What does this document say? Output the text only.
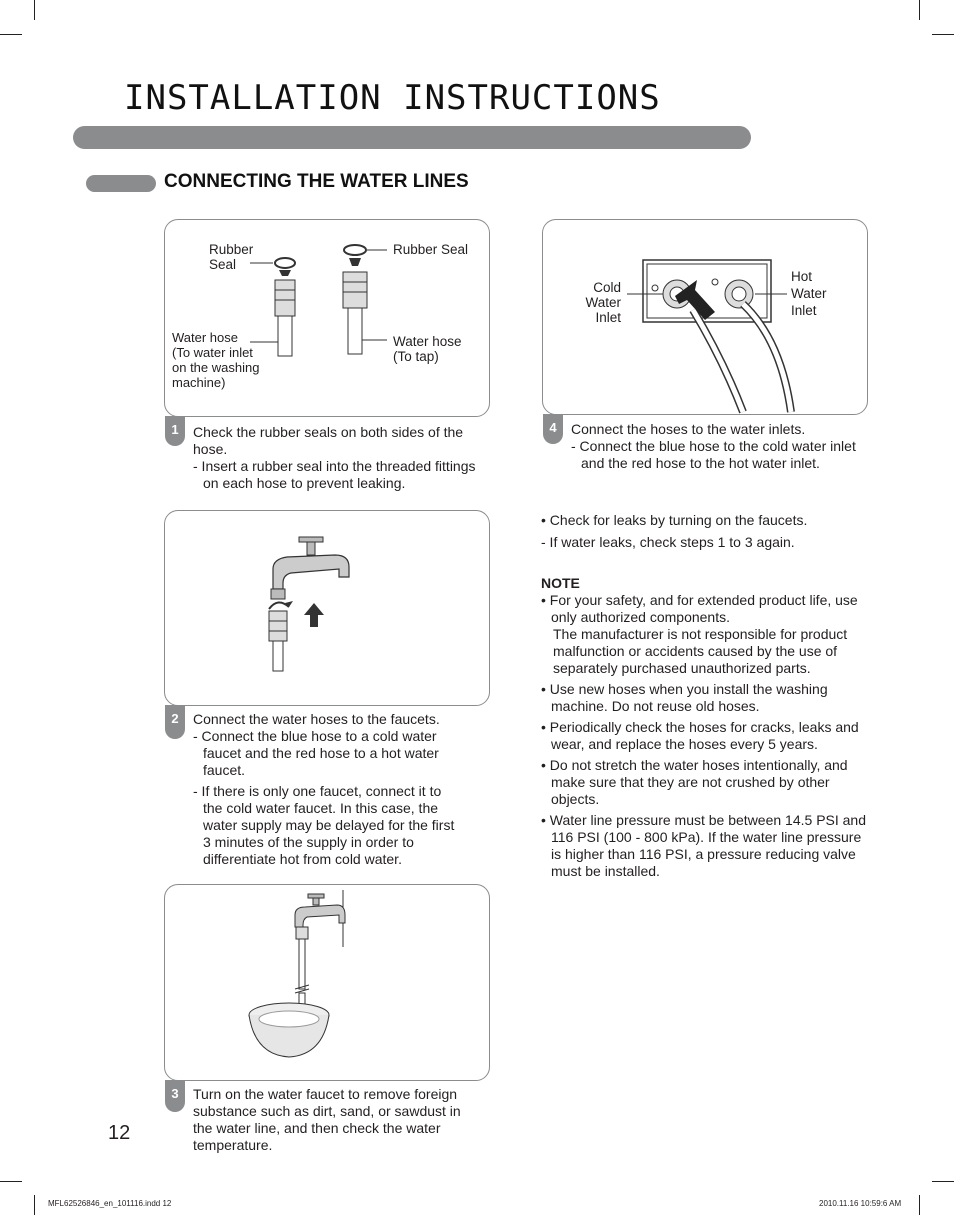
INSTALLATION INSTRUCTIONS
CONNECTING THE WATER LINES
Rubber
Seal
Rubber Seal
Water hose
(To water inlet
on the washing
machine)
Water hose
(To tap)
1	Check the rubber seals on both sides of the hose.

- Insert a rubber seal into the threaded fittings on each hose to prevent leaking.

2	Connect the water hoses to the faucets.

- Connect the blue hose to a cold water faucet and the red hose to a hot water faucet.

- If there is only one faucet, connect it to the cold water faucet. In this case, the water supply may be delayed for the first 3 minutes of the supply in order to differentiate hot from cold water.

3	Turn on the water faucet to remove foreign substance such as dirt, sand, or sawdust in the water line, and then check the water temperature.

Cold
Water
Inlet
Hot
Water
Inlet
4	Connect the hoses to the water inlets.

- Connect the blue hose to the cold water inlet and the red hose to the hot water inlet.

• Check for leaks by turning on the faucets.

- If water leaks, check steps 1 to 3 again.

NOTE

• For your safety, and for extended product life, use only authorized components.

The manufacturer is not responsible for product malfunction or accidents caused by the use of separately purchased unauthorized parts.

• Use new hoses when you install the washing machine. Do not reuse old hoses.

• Periodically check the hoses for cracks, leaks and wear, and replace the hoses every 5 years.

• Do not stretch the water hoses intentionally, and make sure that they are not crushed by other objects.

• Water line pressure must be between 14.5 PSI and 116 PSI (100 - 800 kPa). If the water line pressure is higher than 116 PSI, a pressure reducing valve must be installed.

12
MFL62526846_en_101116.indd 12	2010.11.16 10:59:6 AM
